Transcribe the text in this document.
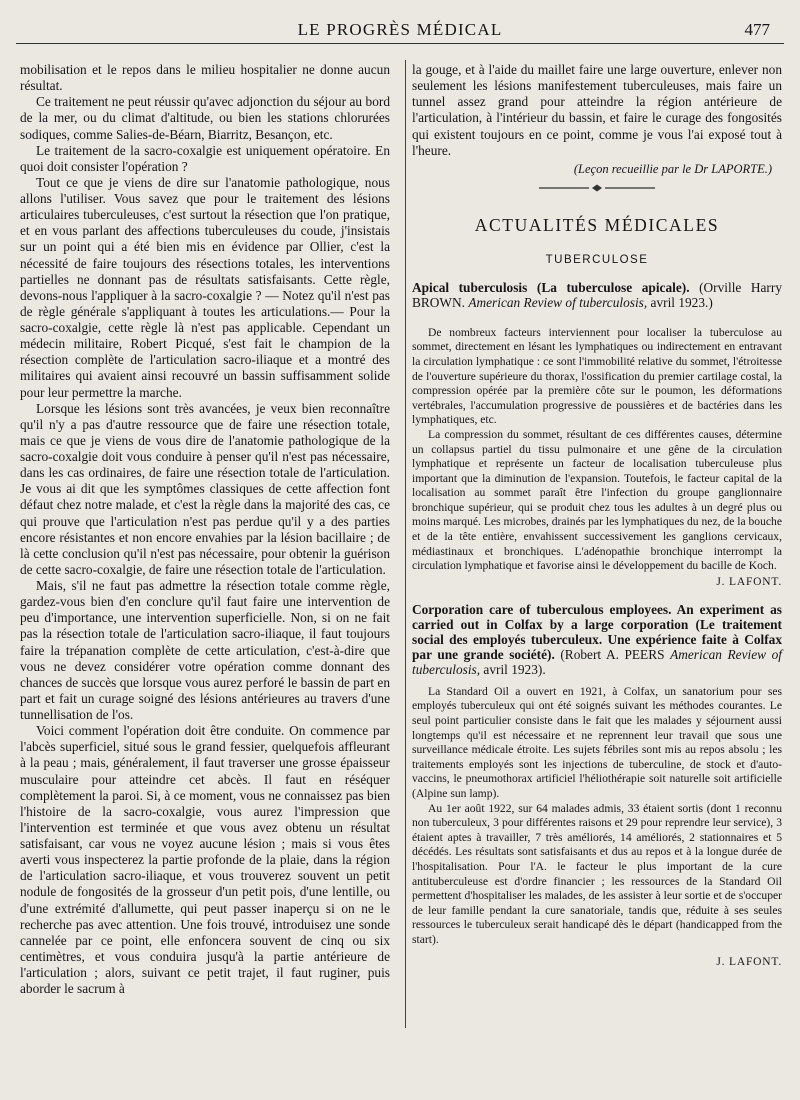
LE PROGRÈS MÉDICAL	477

mobilisation et le repos dans le milieu hospitalier ne donne aucun résultat.

Ce traitement ne peut réussir qu'avec adjonction du séjour au bord de la mer, ou du climat d'altitude, ou bien les stations chlorurées sodiques, comme Salies-de-Béarn, Biarritz, Besançon, etc.

Le traitement de la sacro-coxalgie est uniquement opératoire. En quoi doit consister l'opération ?

Tout ce que je viens de dire sur l'anatomie pathologique, nous allons l'utiliser. Vous savez que pour le traitement des lésions articulaires tuberculeuses, c'est surtout la résection que l'on pratique, et en vous parlant des affections tuberculeuses du coude, j'insistais sur un point qui a été bien mis en évidence par Ollier, c'est la nécessité de faire toujours des résections totales, les interventions partielles ne donnant pas de résultats satisfaisants. Cette règle, devons-nous l'appliquer à la sacro-coxalgie ? — Notez qu'il n'est pas de règle générale s'appliquant à toutes les articulations.— Pour la sacro-coxalgie, cette règle là n'est pas applicable. Cependant un médecin militaire, Robert Picqué, s'est fait le champion de la résection complète de l'articulation sacro-iliaque et a montré des militaires qui avaient ainsi recouvré un bassin suffisamment solide pour leur permettre la marche.

Lorsque les lésions sont très avancées, je veux bien reconnaître qu'il n'y a pas d'autre ressource que de faire une résection totale, mais ce que je viens de vous dire de l'anatomie pathologique de la sacro-coxalgie doit vous conduire à penser qu'il n'est pas nécessaire, dans les cas ordinaires, de faire une résection totale de l'articulation. Je vous ai dit que les symptômes classiques de cette affection font défaut chez notre malade, et c'est la règle dans la majorité des cas, ce qui prouve que l'articulation n'est pas perdue qu'il y a des parties encore résistantes et non encore envahies par la lésion bacillaire ; de là cette conclusion qu'il n'est pas nécessaire, pour obtenir la guérison de cette sacro-coxalgie, de faire une résection totale de l'articulation.

Mais, s'il ne faut pas admettre la résection totale comme règle, gardez-vous bien d'en conclure qu'il faut faire une intervention de peu d'importance, une intervention superficielle. Non, si on ne fait pas la résection totale de l'articulation sacro-iliaque, il faut toujours faire la trépanation complète de cette articulation, c'est-à-dire que vous ne devez considérer votre opération comme donnant des chances de succès que lorsque vous aurez perforé le bassin de part en part et fait un curage soigné des lésions antérieures au travers d'une tunnellisation de l'os.

Voici comment l'opération doit être conduite. On commence par l'abcès superficiel, situé sous le grand fessier, quelquefois affleurant à la peau ; mais, généralement, il faut traverser une grosse épaisseur musculaire pour atteindre cet abcès. Il faut en réséquer complètement la paroi. Si, à ce moment, vous ne connaissez pas bien l'histoire de la sacro-coxalgie, vous aurez l'impression que l'intervention est terminée et que vous avez obtenu un résultat satisfaisant, car vous ne voyez aucune lésion ; mais si vous êtes averti vous inspecterez la partie profonde de la plaie, dans la région de l'articulation sacro-iliaque, et vous trouverez souvent un petit nodule de fongosités de la grosseur d'un petit pois, d'une lentille, ou d'une extrémité d'allumette, qui peut passer inaperçu si on ne le recherche pas avec attention. Une fois trouvé, introduisez une sonde cannelée par ce point, elle enfoncera souvent de cinq ou six centimètres, et vous conduira jusqu'à la partie antérieure de l'articulation ; alors, suivant ce petit trajet, il faut ruginer, puis aborder le sacrum à

la gouge, et à l'aide du maillet faire une large ouverture, enlever non seulement les lésions manifestement tuberculeuses, mais faire un tunnel assez grand pour atteindre la région antérieure de l'articulation, à l'intérieur du bassin, et faire le curage des fongosités qui existent toujours en ce point, comme je vous l'ai exposé tout à l'heure.

(Leçon recueillie par le Dr LAPORTE.)

ACTUALITÉS MÉDICALES
TUBERCULOSE

Apical tuberculosis (La tuberculose apicale). (Orville Harry BROWN. American Review of tuberculosis, avril 1923.)

De nombreux facteurs interviennent pour localiser la tuberculose au sommet, directement en lésant les lymphatiques ou indirectement en entravant la circulation lymphatique : ce sont l'immobilité relative du sommet, l'étroitesse de l'ouverture supérieure du thorax, l'ossification du premier cartilage costal, la compression opérée par la première côte sur le poumon, les déformations vertébrales, l'accumulation progressive de poussières et de bactéries dans les lymphatiques, etc.

La compression du sommet, résultant de ces différentes causes, détermine un collapsus partiel du tissu pulmonaire et une gêne de la circulation lymphatique et représente un facteur de localisation tuberculeuse plus important que la diminution de l'expansion. Toutefois, le facteur capital de la localisation au sommet paraît être l'infection du groupe ganglionnaire bronchique supérieur, qui se produit chez tous les adultes à un degré plus ou moins marqué. Les microbes, drainés par les lymphatiques du nez, de la bouche et de la tête entière, envahissent successivement les ganglions cervicaux, médiastinaux et bronchiques. L'adénopathie bronchique interrompt la circulation lymphatique et favorise ainsi le développement du bacille de Koch.

J. LAFONT.

Corporation care of tuberculous employees. An experiment as carried out in Colfax by a large corporation (Le traitement social des employés tuberculeux. Une expérience faite à Colfax par une grande société). (Robert A. PEERS American Review of tuberculosis, avril 1923).

La Standard Oil a ouvert en 1921, à Colfax, un sanatorium pour ses employés tuberculeux qui ont été soignés suivant les méthodes courantes. Le seul point particulier consiste dans le fait que les malades y séjournent aussi longtemps qu'il est nécessaire et ne reprennent leur travail que sous une surveillance médicale étroite. Les sujets fébriles sont mis au repos absolu ; les traitements employés sont les injections de tuberculine, de stock et d'auto-vaccins, le pneumothorax artificiel l'héliothérapie soit naturelle soit artificielle (Alpine sun lamp).

Au 1er août 1922, sur 64 malades admis, 33 étaient sortis (dont 1 reconnu non tuberculeux, 3 pour différentes raisons et 29 pour reprendre leur service), 3 étaient aptes à travailler, 7 très améliorés, 14 améliorés, 2 stationnaires et 5 décédés. Les résultats sont satisfaisants et dus au repos et à la longue durée de l'hospitalisation. Pour l'A. le facteur le plus important de la cure antituberculeuse est d'ordre financier ; les ressources de la Standard Oil permettent d'hospitaliser les malades, de les assister à leur sortie et de s'occuper de leur famille pendant la cure sanatoriale, tandis que, réduite à ses seules ressources le tuberculeux serait handicapé dès le départ (handicapped from the start).

J. LAFONT.
